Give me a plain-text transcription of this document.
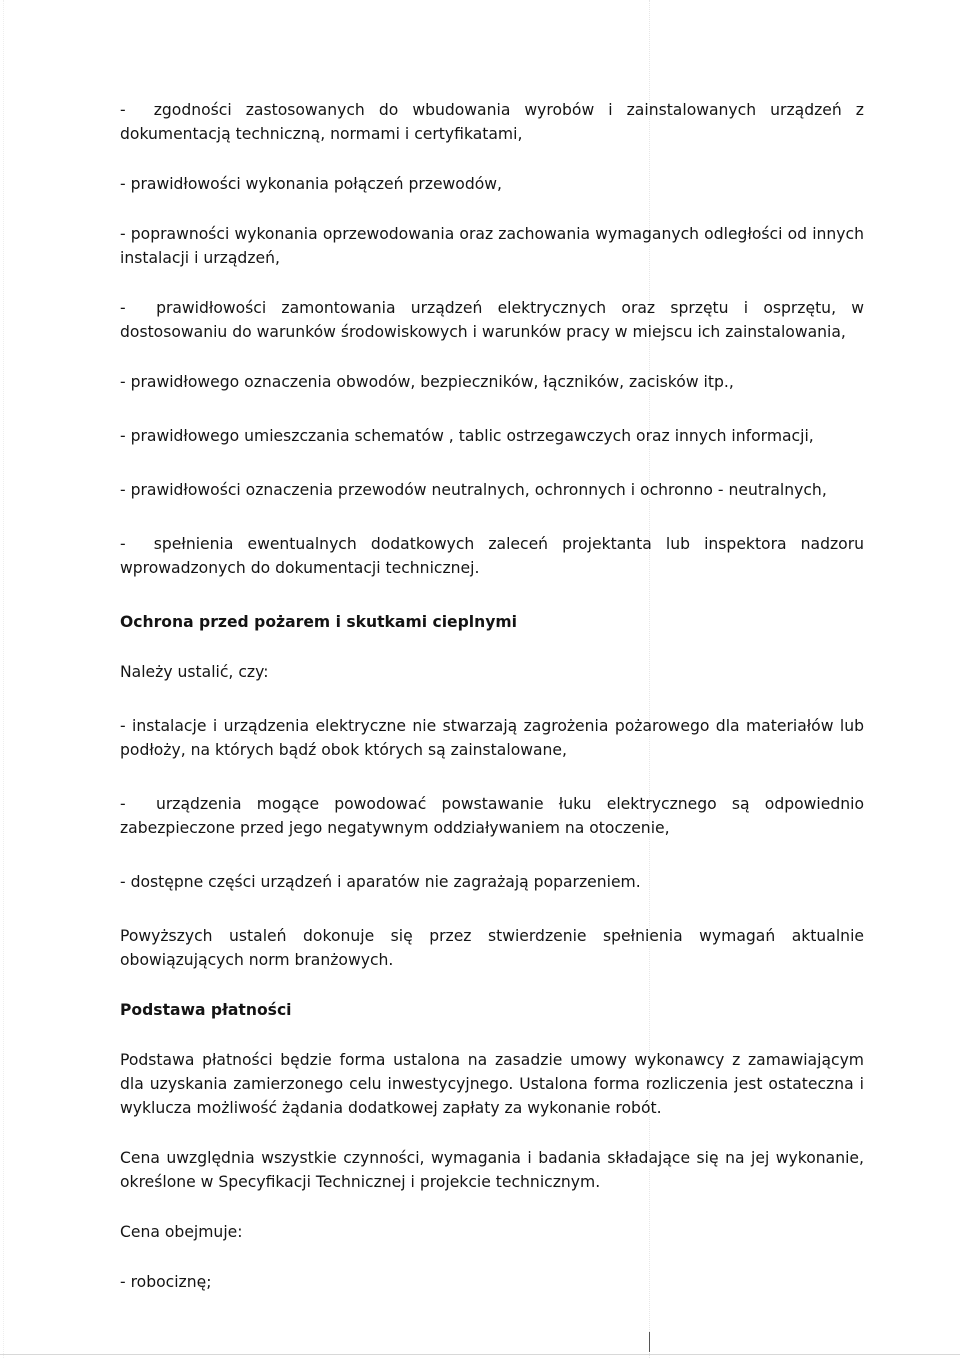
-  zgodności zastosowanych do wbudowania wyrobów i zainstalowanych urządzeń z dokumentacją techniczną, normami i certyfikatami,

- prawidłowości wykonania połączeń przewodów,

- poprawności wykonania oprzewodowania oraz zachowania wymaganych odległości od innych instalacji i urządzeń,

-  prawidłowości zamontowania urządzeń elektrycznych oraz sprzętu i osprzętu, w dostosowaniu do warunków środowiskowych i warunków pracy w miejscu ich zainstalowania,

- prawidłowego oznaczenia obwodów, bezpieczników, łączników, zacisków itp.,

- prawidłowego umieszczania schematów , tablic ostrzegawczych oraz innych informacji,

- prawidłowości oznaczenia przewodów neutralnych, ochronnych i ochronno - neutralnych,

-  spełnienia ewentualnych dodatkowych zaleceń projektanta lub inspektora nadzoru wprowadzonych do dokumentacji technicznej.

Ochrona przed pożarem i skutkami cieplnymi

Należy ustalić, czy:

- instalacje i urządzenia elektryczne nie stwarzają zagrożenia pożarowego dla materiałów lub podłoży, na których bądź obok których są zainstalowane,

-  urządzenia mogące powodować powstawanie łuku elektrycznego są odpowiednio zabezpieczone przed jego negatywnym oddziaływaniem na otoczenie,

- dostępne części urządzeń i aparatów nie zagrażają poparzeniem.

Powyższych ustaleń dokonuje się przez stwierdzenie spełnienia wymagań aktualnie obowiązujących norm branżowych.

Podstawa płatności

Podstawa płatności będzie forma ustalona na zasadzie umowy wykonawcy z zamawiającym dla uzyskania zamierzonego celu inwestycyjnego. Ustalona forma rozliczenia jest ostateczna i wyklucza możliwość żądania dodatkowej zapłaty za wykonanie robót.

Cena uwzględnia wszystkie czynności, wymagania i badania składające się na jej wykonanie, określone w Specyfikacji Technicznej i projekcie technicznym.

Cena obejmuje:

- robociznę;
